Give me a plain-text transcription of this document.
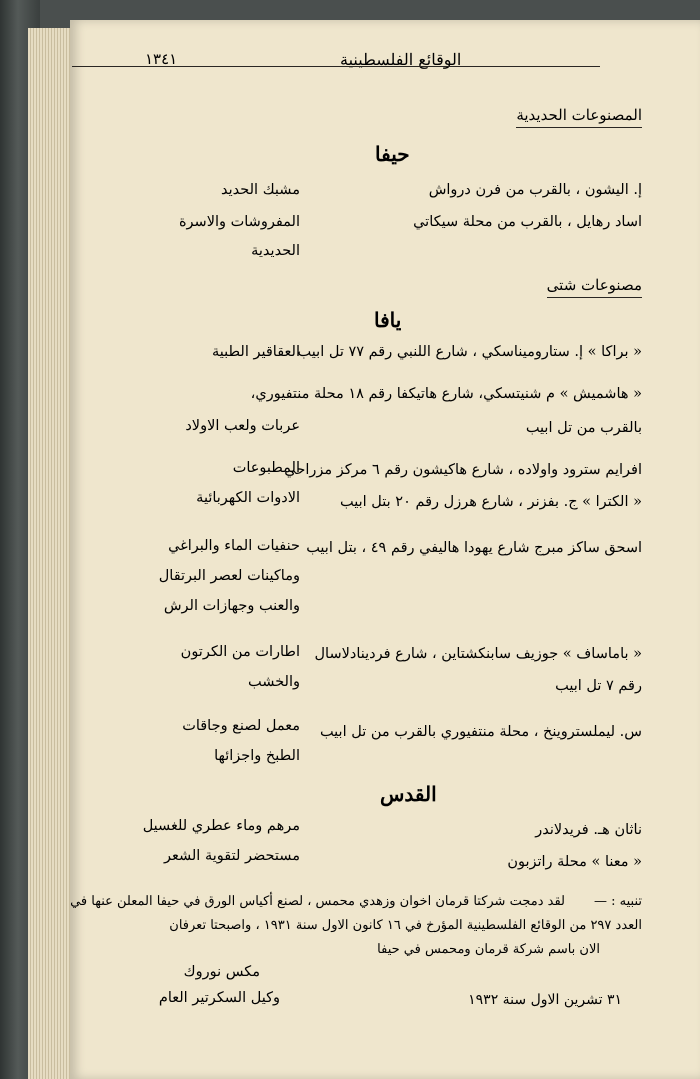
١٣٤١	الوقائع الفلسطينية
المصنوعات الحديدية
حيفا
إ. اليشون ، بالقرب من فرن درواش
مشبك الحديد
اساد رهايل ، بالقرب من محلة سيكاتي
المفروشات والاسرة
الحديدية
مصنوعات شتى
يافا
« براكا » إ. ستاروميناسكي ، شارع اللنبي رقم ٧٧ تل ابيب
العقاقير الطبية
« هاشميش » م شنيتسكي، شارع هاتيكفا رقم ١٨ محلة منتفيوري،
بالقرب من تل ابيب
عربات ولعب الاولاد
افرايم سترود واولاده ، شارع هاكيشون رقم ٦ مركز مزراحي
المطبوعات
« الكترا » ج. بفزنر ، شارع هرزل رقم ٢٠ بتل ابيب
الادوات الكهربائية
اسحق ساكز مبرج شارع يهودا هاليفي رقم ٤٩ ، بتل ابيب
حنفيات الماء والبراغي
وماكينات لعصر البرتقال
والعنب وجهازات الرش
« باماساف » جوزيف سابنكشتاين ، شارع فردينادلاسال
رقم ٧ تل ابيب
اطارات من الكرتون
والخشب
س. ليملستروينخ ، محلة منتفيوري بالقرب من تل ابيب
معمل لصنع وجاقات
الطبخ واجزائها
القدس
ناثان هـ. فريدلاندر
مرهم وماء عطري للغسيل
« معنا » محلة راتزبون
مستحضر لتقوية الشعر
تنبيه : —
لقد دمجت شركتا قرمان اخوان وزهدي محمس ، لصنع أكياس الورق في حيفا المعلن عنها في
العدد ٢٩٧ من الوقائع الفلسطينية المؤرخ في ١٦ كانون الاول سنة ١٩٣١ ، واصبحتا تعرفان
الان باسم شركة قرمان ومحمس في حيفا
مكس نوروك
وكيل السكرتير العام	٣١ تشرين الاول سنة ١٩٣٢
